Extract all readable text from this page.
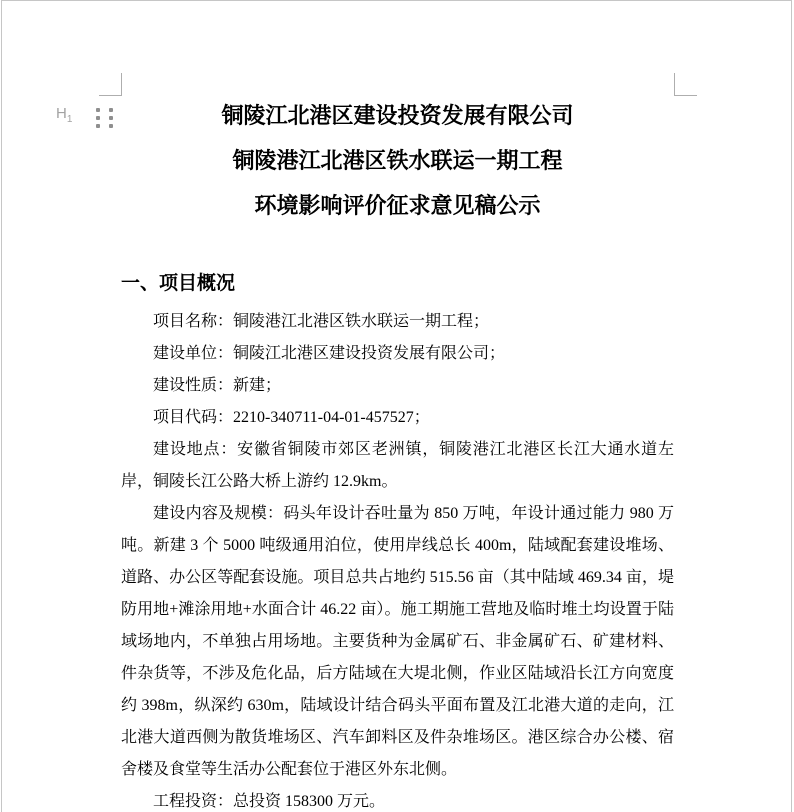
$H_1$	铜陵江北港区建设投资发展有限公司
铜陵港江北港区铁水联运一期工程
环境影响评价征求意见稿公示
一、项目概况

项目名称：铜陵港江北港区铁水联运一期工程；

建设单位：铜陵江北港区建设投资发展有限公司；

建设性质：新建；

项目代码：2210-340711-04-01-457527；

建设地点：安徽省铜陵市郊区老洲镇，铜陵港江北港区长江大通水道左岸，铜陵长江公路大桥上游约 12.9km。

建设内容及规模：码头年设计吞吐量为 850 万吨，年设计通过能力 980 万吨。新建 3 个 5000 吨级通用泊位，使用岸线总长 400m，陆域配套建设堆场、道路、办公区等配套设施。项目总共占地约 515.56 亩（其中陆域 469.34 亩，堤防用地+滩涂用地+水面合计 46.22 亩）。施工期施工营地及临时堆土均设置于陆域场地内，不单独占用场地。主要货种为金属矿石、非金属矿石、矿建材料、件杂货等，不涉及危化品，后方陆域在大堤北侧，作业区陆域沿长江方向宽度约 398m，纵深约 630m，陆域设计结合码头平面布置及江北港大道的走向，江北港大道西侧为散货堆场区、汽车卸料区及件杂堆场区。港区综合办公楼、宿舍楼及食堂等生活办公配套位于港区外东北侧。

工程投资：总投资 158300 万元。
